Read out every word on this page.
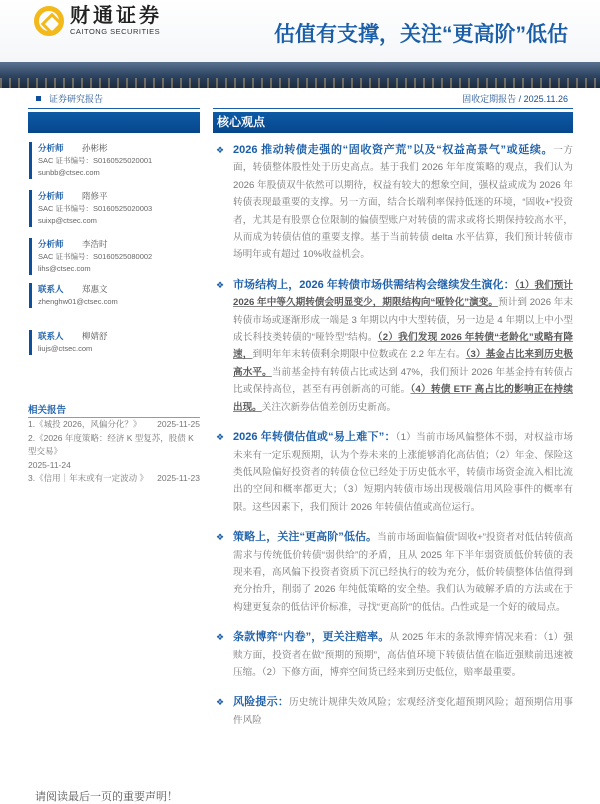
财通证券
CAITONG SECURITIES	估值有支撑，关注“更高阶”低估
证券研究报告	固收定期报告 / 2025.11.26
核心观点
分析师 孙彬彬
SAC 证书编号：S0160525020001
sunbb@ctsec.com
分析师 隋修平
SAC 证书编号：S0160525020003
suixp@ctsec.com
分析师 李浩时
SAC 证书编号：S0160525080002
lihs@ctsec.com
联系人 郑惠文
zhenghw01@ctsec.com
联系人 柳婧舒
liujs@ctsec.com
相关报告
1.《城投 2026，风偏分化？》 2025-11-25
2.《2026 年度策略：经济 K 型复苏，股债 K 型交易》
2025-11-24
3.《信用｜年末或有一定波动 》 2025-11-23
❖ 2026 推动转债走强的“固收资产荒”以及“权益高景气”或延续。一方面，转债整体股性处于历史高点。基于我们 2026 年年度策略的观点，我们认为 2026 年股债双牛依然可以期待，权益有较大的想象空间，强权益或成为 2026 年转债表现最重要的支撑。另一方面，结合长端利率保持低迷的环境，“固收+”投资者，尤其是有股票仓位限制的偏债型账户对转债的需求或将长期保持较高水平，从而成为转债估值的重要支撑。基于当前转债 delta 水平估算，我们预计转债市场明年或有超过 10%收益机会。
❖ 市场结构上，2026 年转债市场供需结构会继续发生演化：（1）我们预计 2026 年中等久期转债会明显变少，期限结构向“哑铃化”演变。预计到 2026 年末转债市场或逐渐形成一端是 3 年期以内中大型转债，另一边是 4 年期以上中小型成长科技类转债的“哑铃型”结构。（2）我们发现 2026 年转债“老龄化”或略有降速，到明年年末转债剩余期限中位数或在 2.2 年左右。（3）基金占比来到历史极高水平。当前基金持有转债占比或达到 47%，我们预计 2026 年基金持有转债占比或保持高位，甚至有再创新高的可能。（4）转债 ETF 高占比的影响正在持续出现。关注次新券估值差创历史新高。
❖ 2026 年转债估值或“易上难下”：（1）当前市场风偏整体不弱，对权益市场未来有一定乐观预期，认为个券未来的上涨能够消化高估值；（2）年金、保险这类低风险偏好投资者的转债仓位已经处于历史低水平，转债市场资金流入相比流出的空间和概率都更大；（3）短期内转债市场出现极端信用风险事件的概率有限。这些因素下，我们预计 2026 年转债估值或高位运行。
❖ 策略上，关注“更高阶”低估。当前市场面临偏债“固收+”投资者对低估转债高需求与传统低价转债“弱供给”的矛盾，且从 2025 年下半年弱资质低价转债的表现来看，高风偏下投资者资质下沉已经执行的较为充分，低价转债整体估值得到充分抬升，削弱了 2026 年纯低策略的安全垫。我们认为破解矛盾的方法或在于构建更复杂的低估评价标准，寻找“更高阶”的低估。凸性或是一个好的破局点。
❖ 条款博弈“内卷”，更关注赔率。从 2025 年末的条款博弈情况来看：（1）强赎方面，投资者在做“预期的预期”，高估值环境下转债估值在临近强赎前迅速被压缩。（2）下修方面，博弈空间货已经来到历史低位，赔率最重要。
❖ 风险提示：历史统计规律失效风险；宏观经济变化超预期风险；超预期信用事件风险
请阅读最后一页的重要声明！
